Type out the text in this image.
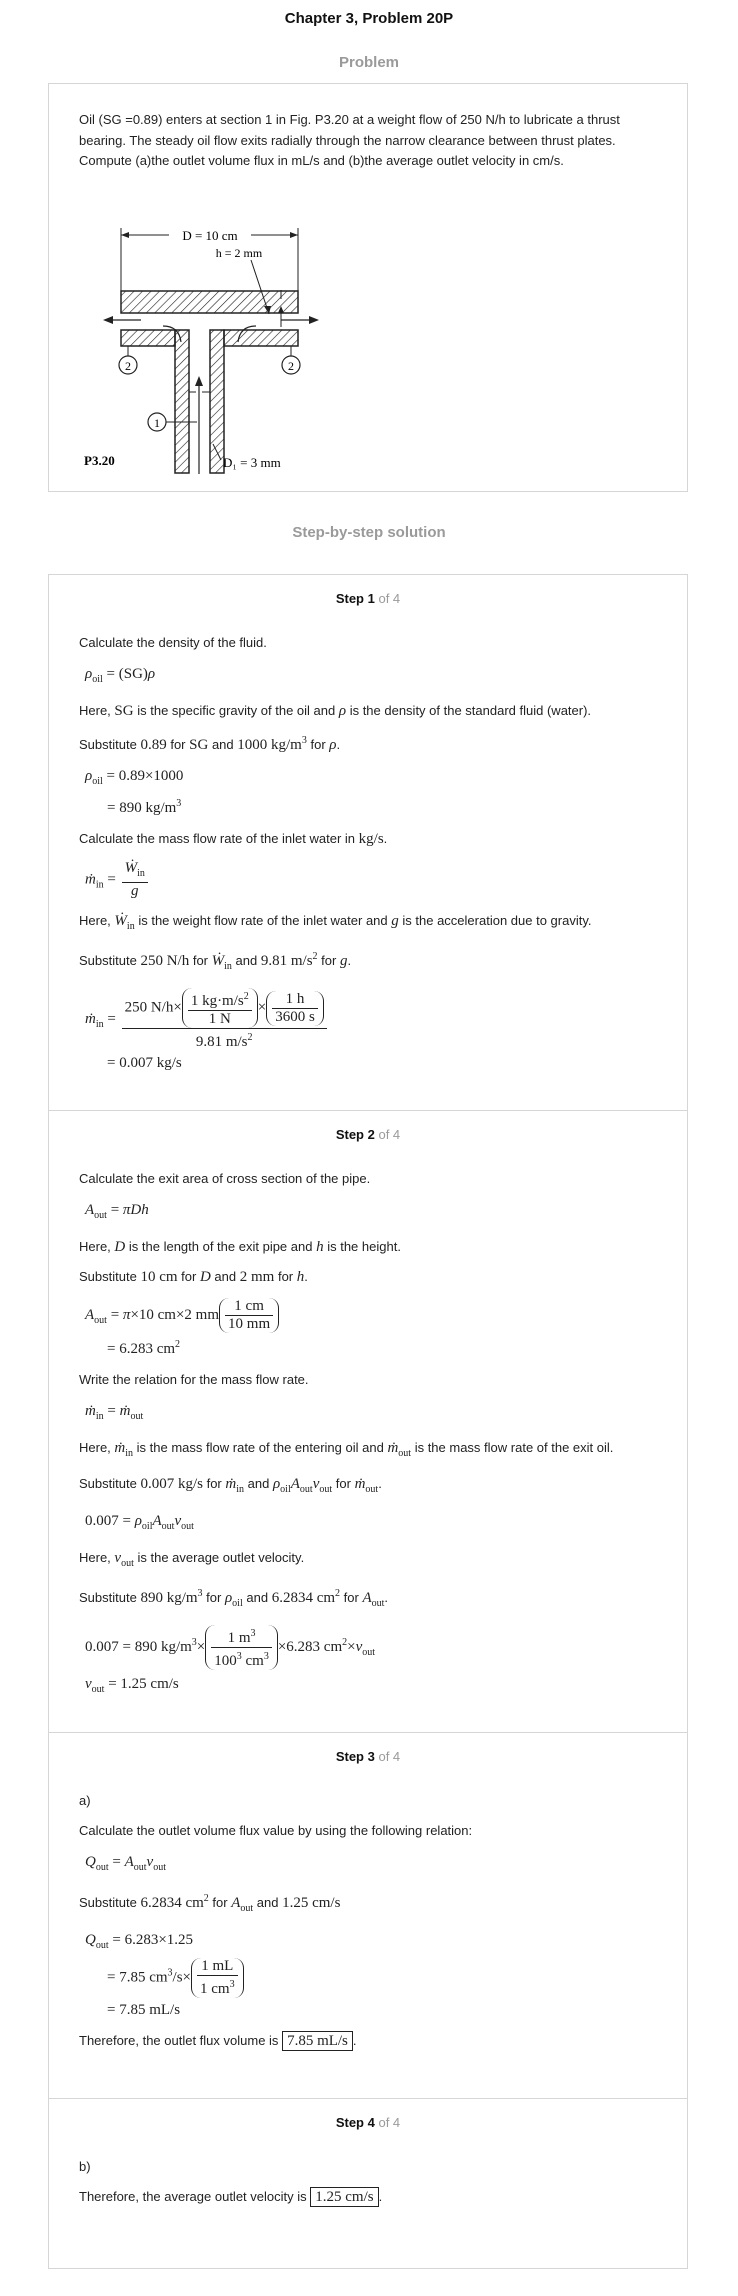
Chapter 3, Problem 20P
Problem
Oil (SG =0.89) enters at section 1 in Fig. P3.20 at a weight flow of 250 N/h to lubricate a thrust bearing. The steady oil flow exits radially through the narrow clearance between thrust plates. Compute (a)the outlet volume flux in mL/s and (b)the average outlet velocity in cm/s.
D = 10 cm
h = 2 mm
2	2
1
D₁ = 3 mm
P3.20
Step-by-step solution
Step 1 of 4
Calculate the density of the fluid.
$\rho_{oil} = (SG)\rho$
Here, SG is the specific gravity of the oil and ρ is the density of the standard fluid (water).
Substitute 0.89 for SG and 1000 $kg/m^3$ for ρ.
$\rho_{oil} = 0.89\times 1000$
= 890 $kg/m^3$
Calculate the mass flow rate of the inlet water in kg/s.
ṁ$_{in}$ = $\frac{Ẇ_{in}}{g}$
Here, Ẇ$_{in}$ is the weight flow rate of the inlet water and g is the acceleration due to gravity.
Substitute 250 N/h for Ẇ$_{in}$ and 9.81 $m/s^2$ for g.
ṁ$_{in}$ = $\frac{250 N/h\times \frac{1 kg\cdot m/s^2}{1 N} \times \frac{1 h}{3600 s}}{9.81 m/s^2}$
= 0.007 kg/s
Step 2 of 4
Calculate the exit area of cross section of the pipe.
$A_{out} = \pi Dh$
Here, D is the length of the exit pipe and h is the height.
Substitute 10 cm for D and 2 mm for h.
$A_{out} = \pi\times 10$ cm×2 mm $\frac{1 cm}{10 mm}$
= 6.283 $cm^2$
Write the relation for the mass flow rate.
ṁ$_{in}$ = ṁ$_{out}$
Here, ṁ$_{in}$ is the mass flow rate of the entering oil and ṁ$_{out}$ is the mass flow rate of the exit oil.
Substitute 0.007 kg/s for ṁ$_{in}$ and $\rho_{oil}A_{out}v_{out}$ for ṁ$_{out}$.
$0.007 = \rho_{oil}A_{out}v_{out}$
Here, $v_{out}$ is the average outlet velocity.
Substitute 890 $kg/m^3$ for $\rho_{oil}$ and 6.2834 $cm^2$ for $A_{out}$.
0.007 = 890 $kg/m^3\times \frac{1 m^3}{100^3 cm^3} \times 6.283$ $cm^2\times v_{out}$
$v_{out} = 1.25$ cm/s
Step 3 of 4
a)
Calculate the outlet volume flux value by using the following relation:
$Q_{out} = A_{out}v_{out}$
Substitute 6.2834 $cm^2$ for $A_{out}$ and 1.25 cm/s
$Q_{out} = 6.283\times 1.25$
= 7.85 $cm^3/s\times \frac{1 mL}{1 cm^3}$
= 7.85 mL/s
Therefore, the outlet flux volume is 7.85 mL/s .
Step 4 of 4
b)
Therefore, the average outlet velocity is 1.25 cm/s .
